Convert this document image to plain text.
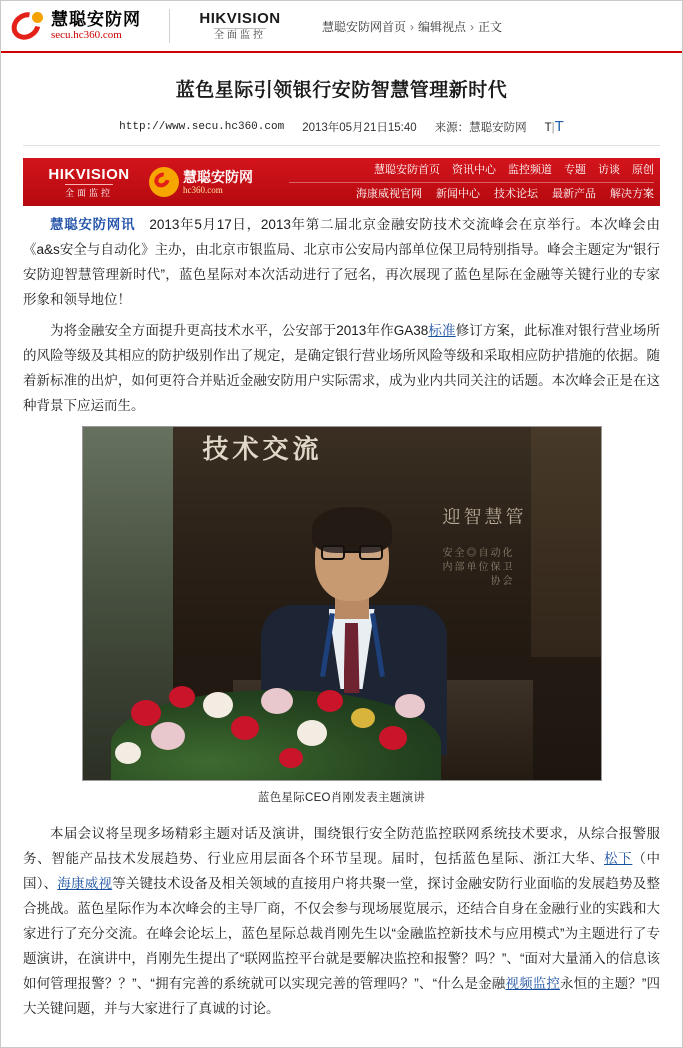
慧聪安防网
secu.hc360.com
HIKVISION
全面监控
慧聪安防网首页 › 编辑视点 › 正文
蓝色星际引领银行安防智慧管理新时代
http://www.secu.hc360.com 2013年05月21日15:40 来源：慧聪安防网 T|T
HIKVISION
全面监控
慧聪安防网
hc360.com
慧聪安防首页 资讯中心 监控频道 专题 访谈 原创
海康威视官网 新闻中心 技术论坛 最新产品 解决方案

慧聪安防网讯　2013年5月17日，2013年第二届北京金融安防技术交流峰会在京举行。本次峰会由《a&s安全与自动化》主办，由北京市银监局、北京市公安局内部单位保卫局特别指导。峰会主题定为“银行安防迎智慧管理新时代”，蓝色星际对本次活动进行了冠名，再次展现了蓝色星际在金融等关键行业的专家形象和领导地位！

为将金融安全方面提升更高技术水平，公安部于2013年作GA38标准修订方案，此标准对银行营业场所的风险等级及其相应的防护级别作出了规定，是确定银行营业场所风险等级和采取相应防护措施的依据。随着新标准的出炉，如何更符合并贴近金融安防用户实际需求，成为业内共同关注的话题。本次峰会正是在这种背景下应运而生。

技术交流
迎智慧管
安全◎自动化
内部单位保卫
协会
蓝色星际CEO肖刚发表主题演讲

本届会议将呈现多场精彩主题对话及演讲，围绕银行安全防范监控联网系统技术要求，从综合报警服务、智能产品技术发展趋势、行业应用层面各个环节呈现。届时，包括蓝色星际、浙江大华、松下（中国）、海康威视等关键技术设备及相关领域的直接用户将共聚一堂，探讨金融安防行业面临的发展趋势及整合挑战。蓝色星际作为本次峰会的主导厂商，不仅会参与现场展览展示，还结合自身在金融行业的实践和大家进行了充分交流。在峰会论坛上，蓝色星际总裁肖刚先生以“金融监控新技术与应用模式”为主题进行了专题演讲，在演讲中，肖刚先生提出了“联网监控平台就是要解决监控和报警？吗？”、“面对大量涌入的信息该如何管理报警？？”、“拥有完善的系统就可以实现完善的管理吗？”、“什么是金融视频监控永恒的主题？”四大关键问题，并与大家进行了真诚的讨论。
